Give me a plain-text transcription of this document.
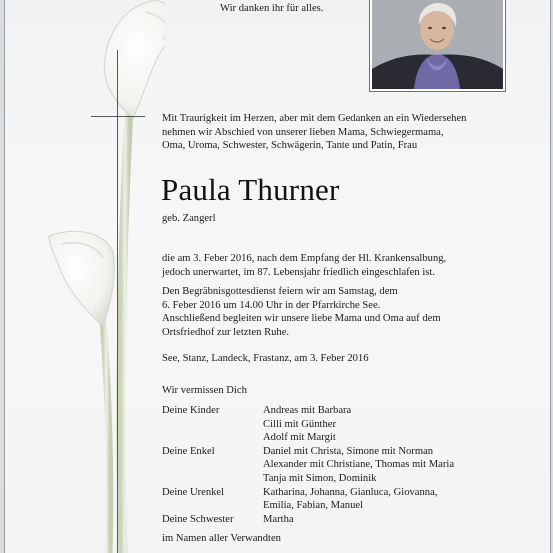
Wir danken ihr für alles.
Mit Traurigkeit im Herzen, aber mit dem Gedanken an ein Wiedersehen
nehmen wir Abschied von unserer lieben Mama, Schwiegermama,
Oma, Uroma, Schwester, Schwägerin, Tante und Patin, Frau
Paula Thurner
geb. Zangerl
die am 3. Feber 2016, nach dem Empfang der Hl. Krankensalbung,
jedoch unerwartet, im 87. Lebensjahr friedlich eingeschlafen ist.
Den Begräbnisgottesdienst feiern wir am Samstag, dem
6. Feber 2016 um 14.00 Uhr in der Pfarrkirche See.
Anschließend begleiten wir unsere liebe Mama und Oma auf dem
Ortsfriedhof zur letzten Ruhe.
See, Stanz, Landeck, Frastanz, am 3. Feber 2016
Wir vermissen Dich
Deine Kinder	Andreas mit Barbara
Cilli mit Günther
Adolf mit Margit
Deine Enkel	Daniel mit Christa, Simone mit Norman
Alexander mit Christiane, Thomas mit Maria
Tanja mit Simon, Dominik
Deine Urenkel	Katharina, Johanna, Gianluca, Giovanna,
Emilia, Fabian, Manuel
Deine Schwester	Martha
im Namen aller Verwandten
